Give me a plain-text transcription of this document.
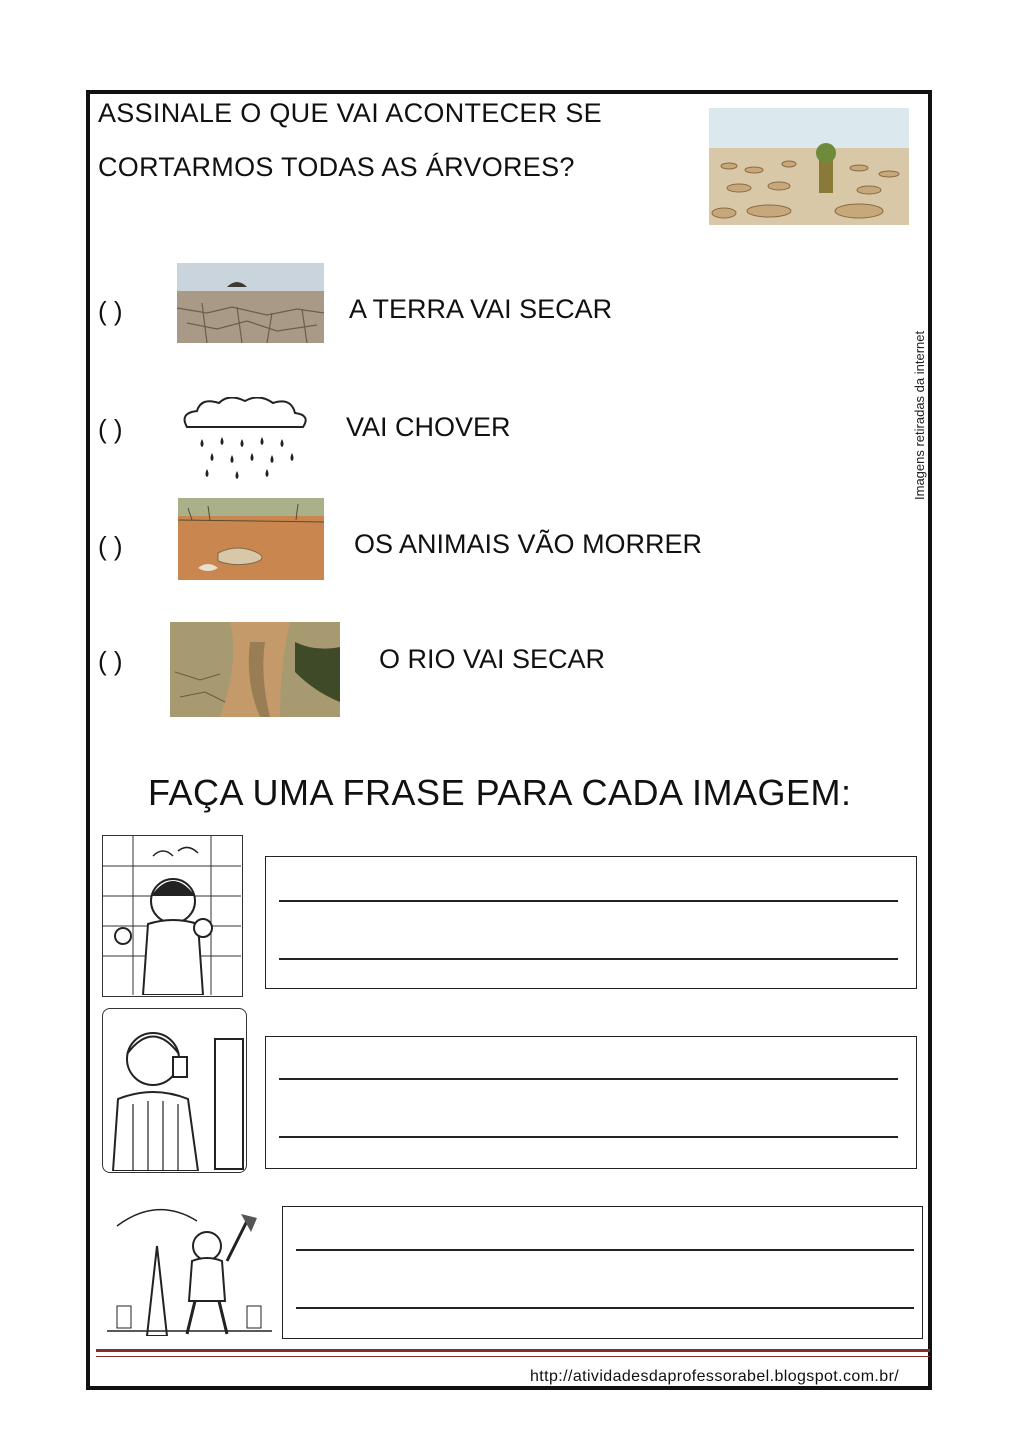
ASSINALE O QUE VAI ACONTECER SE
CORTARMOS TODAS AS ÁRVORES?
( )	A TERRA VAI SECAR
( )	VAI CHOVER
( )	OS ANIMAIS VÃO MORRER
( )	O RIO VAI SECAR
Imagens retiradas da internet
FAÇA UMA FRASE PARA CADA IMAGEM:
http://atividadesdaprofessorabel.blogspot.com.br/
